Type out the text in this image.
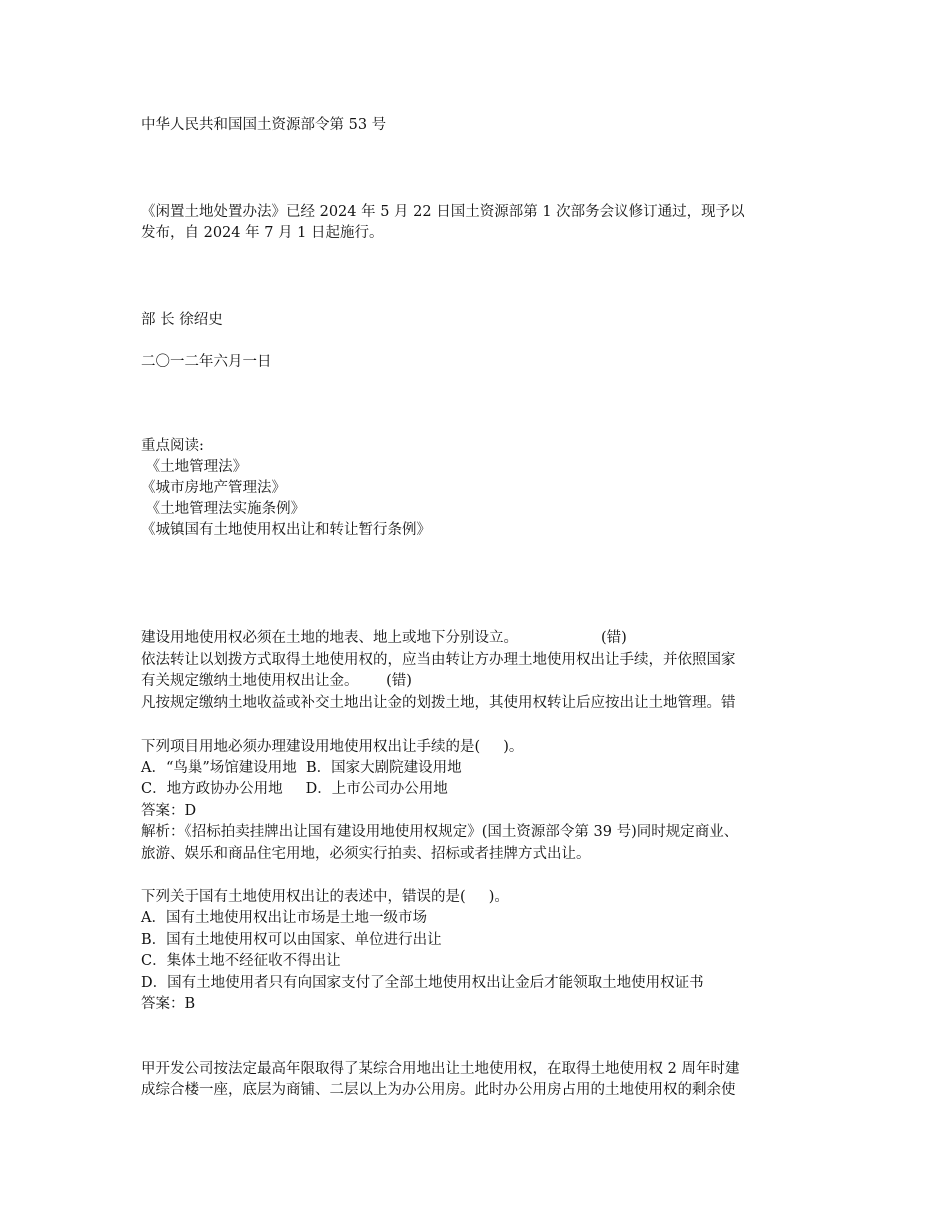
中华人民共和国国土资源部令第 53 号
《闲置土地处置办法》已经 2024 年 5 月 22 日国土资源部第 1 次部务会议修订通过，现予以
发布，自 2024 年 7 月 1 日起施行。
部 长 徐绍史
二〇一二年六月一日
重点阅读:
《土地管理法》
《城市房地产管理法》
《土地管理法实施条例》
《城镇国有土地使用权出让和转让暂行条例》
建设用地使用权必须在土地的地表、地上或地下分别设立。                  (错)
依法转让以划拨方式取得土地使用权的，应当由转让方办理土地使用权出让手续，并依照国家
有关规定缴纳土地使用权出让金。      (错)
凡按规定缴纳土地收益或补交土地出让金的划拨土地，其使用权转让后应按出让土地管理。错
下列项目用地必须办理建设用地使用权出让手续的是(     )。
A．“鸟巢”场馆建设用地  B．国家大剧院建设用地
C．地方政协办公用地     D．上市公司办公用地
答案：D
解析：《招标拍卖挂牌出让国有建设用地使用权规定》(国土资源部令第 39 号)同时规定商业、
旅游、娱乐和商品住宅用地，必须实行拍卖、招标或者挂牌方式出让。
下列关于国有土地使用权出让的表述中，错误的是(     )。
A．国有土地使用权出让市场是土地一级市场
B．国有土地使用权可以由国家、单位进行出让
C．集体土地不经征收不得出让
D．国有土地使用者只有向国家支付了全部土地使用权出让金后才能领取土地使用权证书
答案：B
甲开发公司按法定最高年限取得了某综合用地出让土地使用权，在取得土地使用权 2 周年时建
成综合楼一座，底层为商铺、二层以上为办公用房。此时办公用房占用的土地使用权的剩余使
